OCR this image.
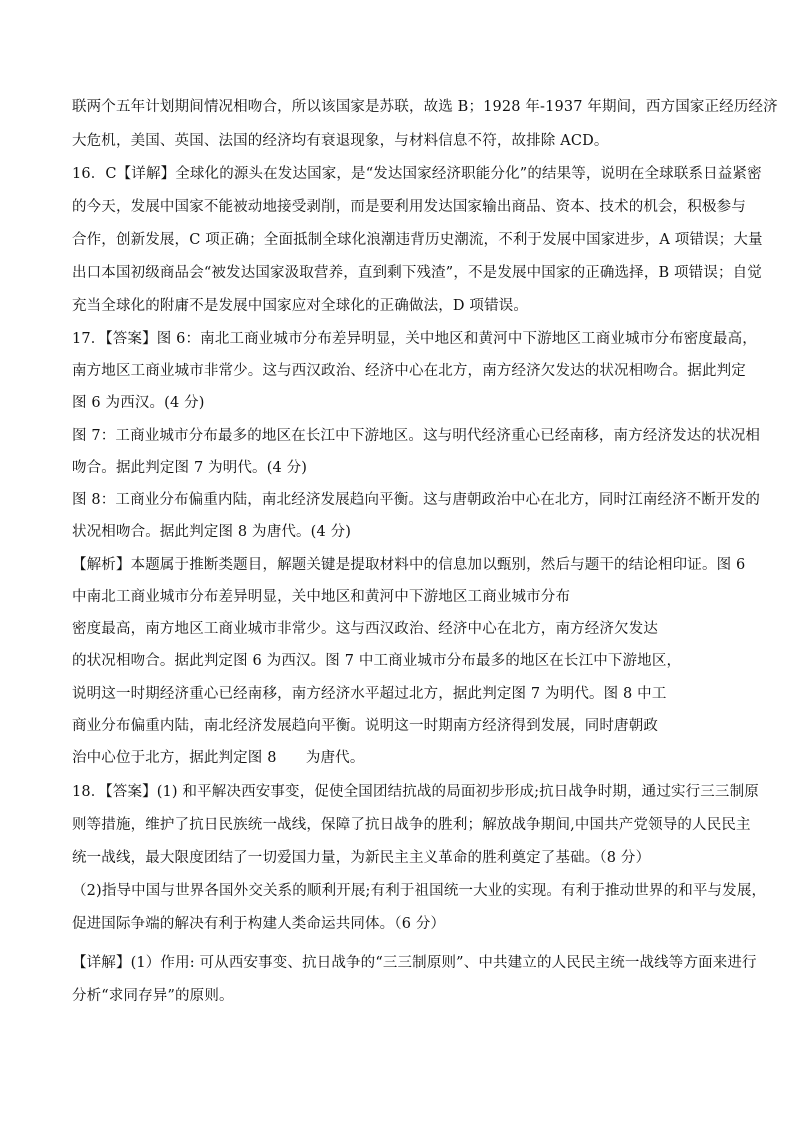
联两个五年计划期间情况相吻合，所以该国家是苏联，故选 B；1928 年-1937 年期间，西方国家正经历经济
大危机，美国、英国、法国的经济均有衰退现象，与材料信息不符，故排除 ACD。
16．C【详解】全球化的源头在发达国家，是“发达国家经济职能分化”的结果等，说明在全球联系日益紧密
的今天，发展中国家不能被动地接受剥削，而是要利用发达国家输出商品、资本、技术的机会，积极参与
合作，创新发展，C 项正确；全面抵制全球化浪潮违背历史潮流，不利于发展中国家进步，A 项错误；大量
出口本国初级商品会“被发达国家汲取营养，直到剩下残渣”，不是发展中国家的正确选择，B 项错误；自觉
充当全球化的附庸不是发展中国家应对全球化的正确做法，D 项错误。
17．【答案】图 6：南北工商业城市分布差异明显，关中地区和黄河中下游地区工商业城市分布密度最高，
南方地区工商业城市非常少。这与西汉政治、经济中心在北方，南方经济欠发达的状况相吻合。据此判定
图 6 为西汉。(4 分)
图 7：工商业城市分布最多的地区在长江中下游地区。这与明代经济重心已经南移，南方经济发达的状况相
吻合。据此判定图 7 为明代。(4 分)
图 8：工商业分布偏重内陆，南北经济发展趋向平衡。这与唐朝政治中心在北方，同时江南经济不断开发的
状况相吻合。据此判定图 8 为唐代。(4 分)
【解析】本题属于推断类题目，解题关键是提取材料中的信息加以甄别，然后与题干的结论相印证。图 6
中南北工商业城市分布差异明显，关中地区和黄河中下游地区工商业城市分布
密度最高，南方地区工商业城市非常少。这与西汉政治、经济中心在北方，南方经济欠发达
的状况相吻合。据此判定图 6 为西汉。图 7 中工商业城市分布最多的地区在长江中下游地区，
说明这一时期经济重心已经南移，南方经济水平超过北方，据此判定图 7 为明代。图 8 中工
商业分布偏重内陆，南北经济发展趋向平衡。说明这一时期南方经济得到发展，同时唐朝政
治中心位于北方，据此判定图 8　　为唐代。
18．【答案】(1) 和平解决西安事变，促使全国团结抗战的局面初步形成;抗日战争时期，通过实行三三制原
则等措施，维护了抗日民族统一战线，保障了抗日战争的胜利；解放战争期间,中国共产党领导的人民民主
统一战线，最大限度团结了一切爱国力量，为新民主主义革命的胜利奠定了基础。（8 分）
（2)指导中国与世界各国外交关系的顺利开展;有利于祖国统一大业的实现。有利于推动世界的和平与发展，
促进国际争端的解决有利于构建人类命运共同体。（6 分）
【详解】(1）作用: 可从西安事变、抗日战争的“三三制原则”、中共建立的人民民主统一战线等方面来进行
分析“求同存异”的原则。
